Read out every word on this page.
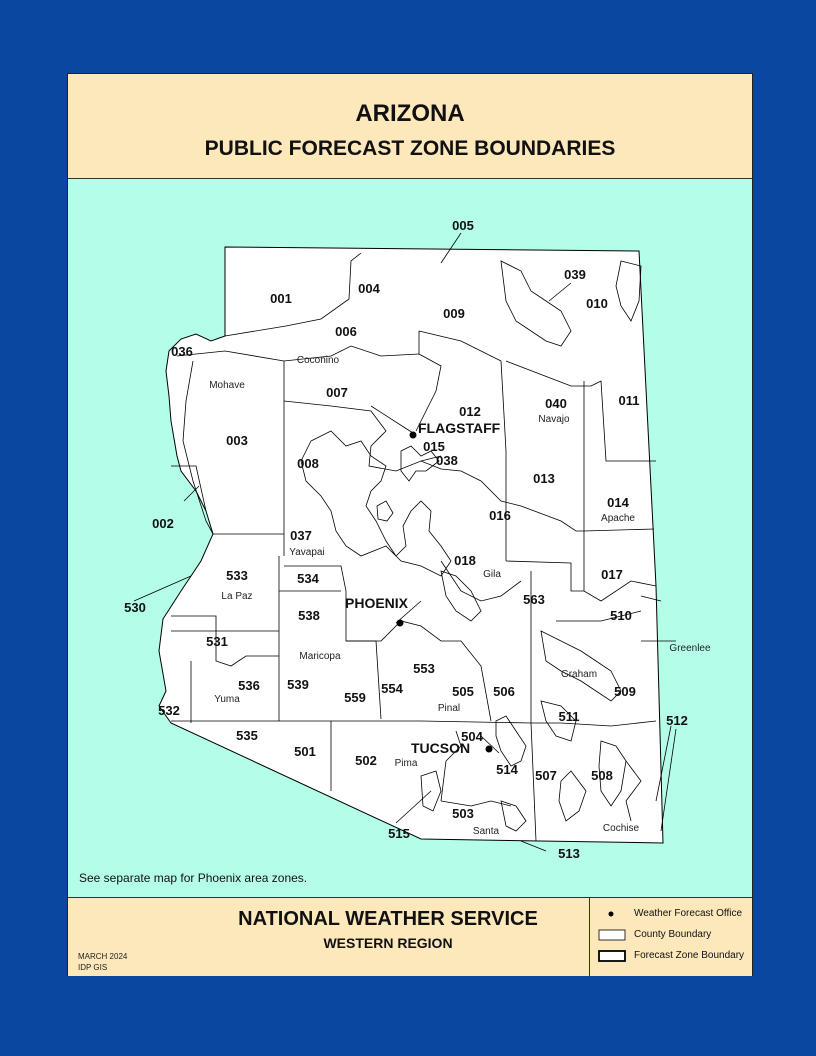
ARIZONA
PUBLIC FORECAST ZONE BOUNDARIES
001
002
003
004
005
006
007
008
009
010
011
012
013
014
015
016
017
018
036
037
038
039
040
501
502
503
504
505 506
507	508
509
510
511	512
513
514
515
530
531
532
533	534
535
536
538
539
553
554
559
563
Mohave
Coconino
Navajo
Apache
Yavapai
La Paz
Maricopa
Gila
Greenlee
Graham
Yuma
Pinal
Pima
Cochise
Santa
FLAGSTAFF
PHOENIX
TUCSON
See separate map for Phoenix area zones.
NATIONAL WEATHER SERVICE
WESTERN REGION
MARCH 2024
IDP GIS
Weather Forecast Office
County Boundary
Forecast Zone Boundary
